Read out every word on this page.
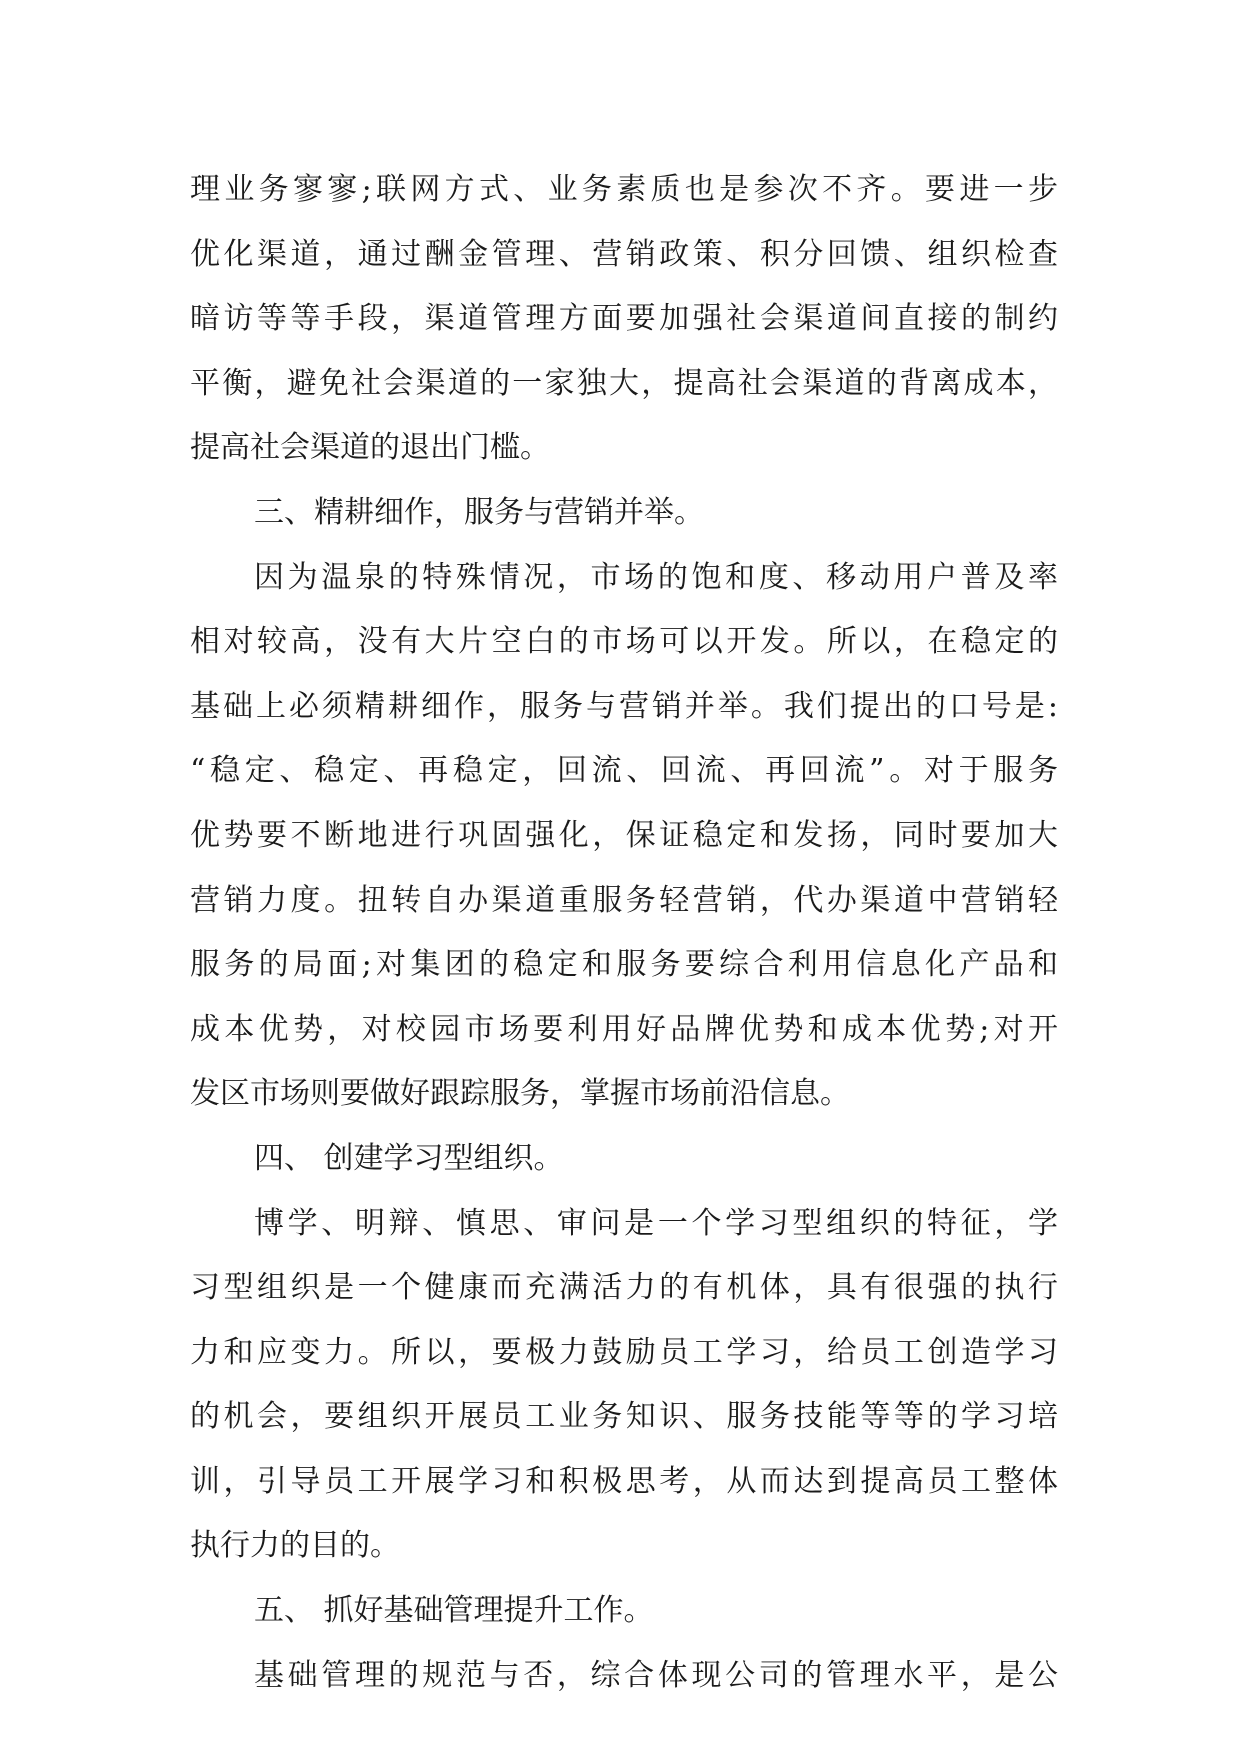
理业务寥寥;联网方式、业务素质也是参次不齐。要进一步
优化渠道，通过酬金管理、营销政策、积分回馈、组织检查
暗访等等手段，渠道管理方面要加强社会渠道间直接的制约
平衡，避免社会渠道的一家独大，提高社会渠道的背离成本，
提高社会渠道的退出门槛。
三、精耕细作，服务与营销并举。
因为温泉的特殊情况，市场的饱和度、移动用户普及率
相对较高，没有大片空白的市场可以开发。所以，在稳定的
基础上必须精耕细作，服务与营销并举。我们提出的口号是:
“稳定、稳定、再稳定，回流、回流、再回流”。对于服务
优势要不断地进行巩固强化，保证稳定和发扬，同时要加大
营销力度。扭转自办渠道重服务轻营销，代办渠道中营销轻
服务的局面;对集团的稳定和服务要综合利用信息化产品和
成本优势，对校园市场要利用好品牌优势和成本优势;对开
发区市场则要做好跟踪服务，掌握市场前沿信息。
四、 创建学习型组织。
博学、明辩、慎思、审问是一个学习型组织的特征，学
习型组织是一个健康而充满活力的有机体，具有很强的执行
力和应变力。所以，要极力鼓励员工学习，给员工创造学习
的机会，要组织开展员工业务知识、服务技能等等的学习培
训，引导员工开展学习和积极思考，从而达到提高员工整体
执行力的目的。
五、 抓好基础管理提升工作。
基础管理的规范与否，综合体现公司的管理水平，是公
